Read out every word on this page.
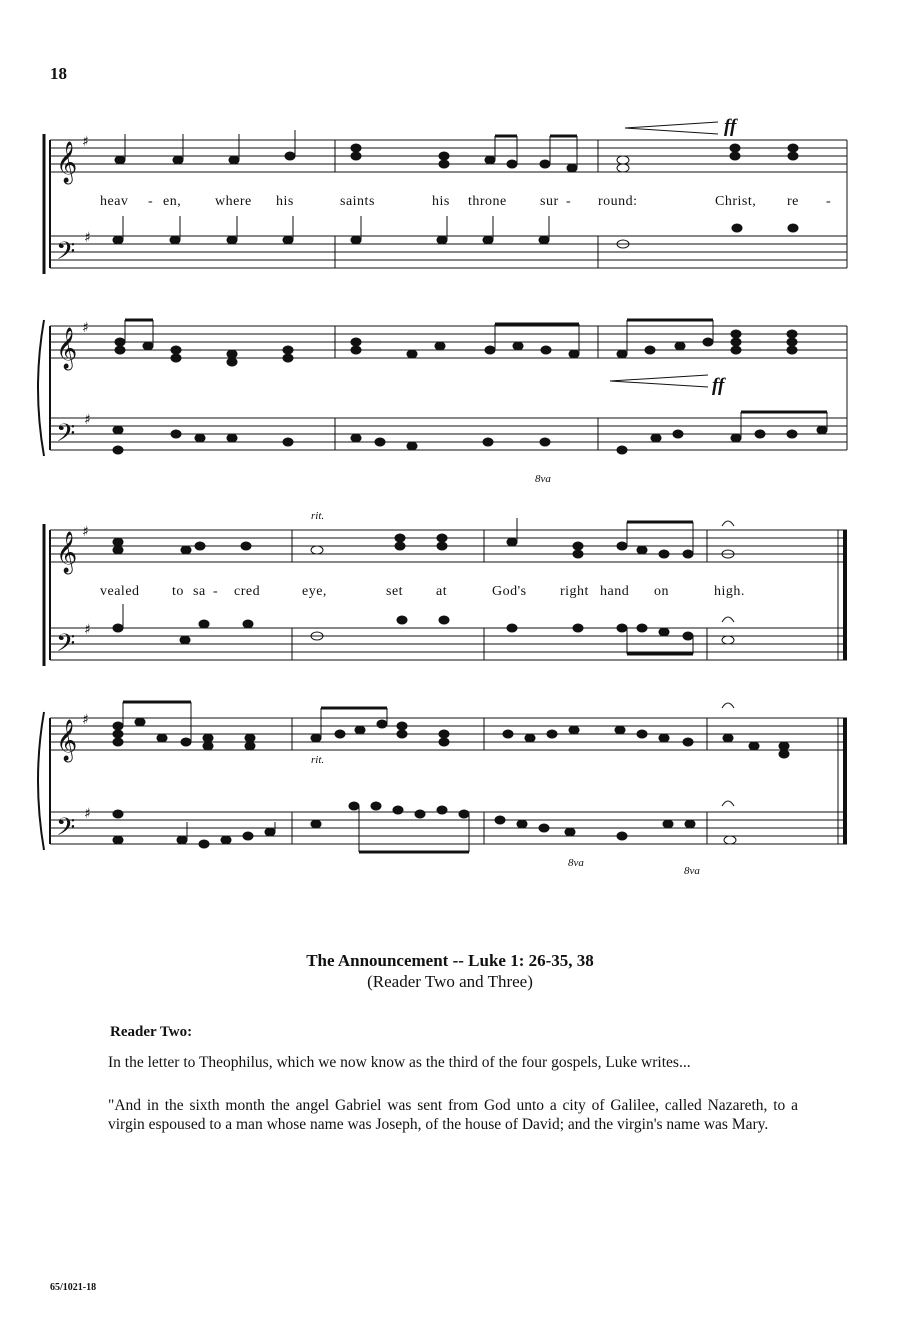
18
𝄞
𝄢
𝄞
𝄢
♯
♯
♯
♯
ff
ff
8va
heav - en, where his	saints	his throne sur - round:	Christ, re -
𝄞
𝄢
𝄞
𝄢
♯
♯
♯
♯
rit.
rit.
8va
8va
vealed to sa - cred	eye,	set at	God's right hand on	high.
The Announcement -- Luke 1: 26-35, 38
(Reader Two and Three)
Reader Two:
In the letter to Theophilus, which we now know as the third of the four gospels, Luke writes...
"And in the sixth month the angel Gabriel was sent from God unto a city of Galilee, called Nazareth, to a virgin espoused to a man whose name was Joseph, of the house of David; and the virgin's name was Mary.
65/1021-18
